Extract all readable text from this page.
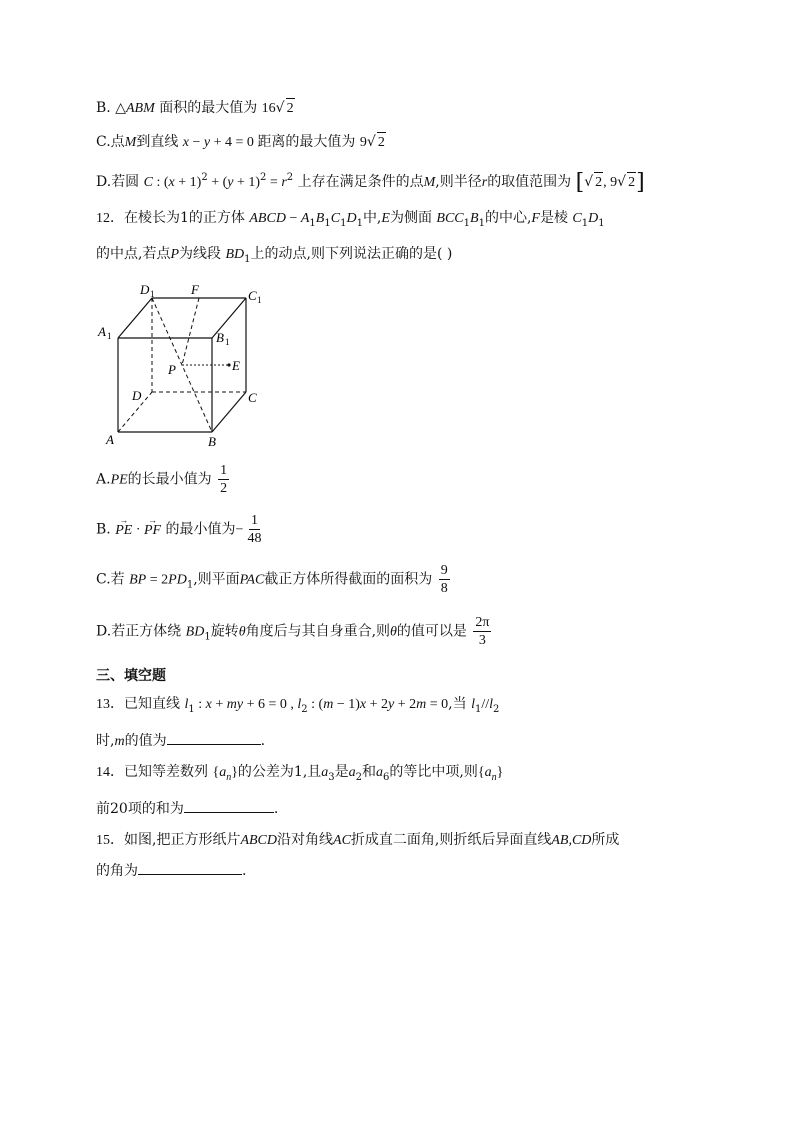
B. △ABM 面积的最大值为 16√ 2
C.点M到直线 x − y + 4 = 0 距离的最大值为 9√ 2
D.若圆 C : $(x + 1)^2 + (y + 1)^2 = r^2$ 上存在满足条件的点M,则半径r的取值范围为 [√ 2, 9√ 2]
12．在棱长为1的正方体 ABCD − $A_1B_1C_1D_1$中,E为侧面 $BCC_1B_1$的中心,F是棱 $C_1D_1$
的中点,若点P为线段 $BD_1$上的动点,则下列说法正确的是( )
D 1	F	C 1
A 1	B 1
P	E
D	C
A	B
A.PE的长最小值为 $\frac{1}{2}$
B. → PE · → PF 的最小值为− $\frac{1}{48}$
C.若 BP = $2PD_1$,则平面PAC截正方体所得截面的面积为 $\frac{9}{8}$
D.若正方体绕 $BD_1$旋转θ角度后与其自身重合,则θ的值可以是 $\frac{2\pi}{3}$
三、填空题
13．已知直线 $l_1$ : x + my + 6 = 0 , $l_2$ : (m − 1)x + 2y + 2m = 0,当 $l_1//l_2$
时,m的值为	.
14．已知等差数列 $\{a_n\}$的公差为1,且$a_3$是$a_2$和$a_6$的等比中项,则$\{a_n\}$
前20项的和为	.
15．如图,把正方形纸片ABCD沿对角线AC折成直二面角,则折纸后异面直线AB,CD所成
的角为	.
